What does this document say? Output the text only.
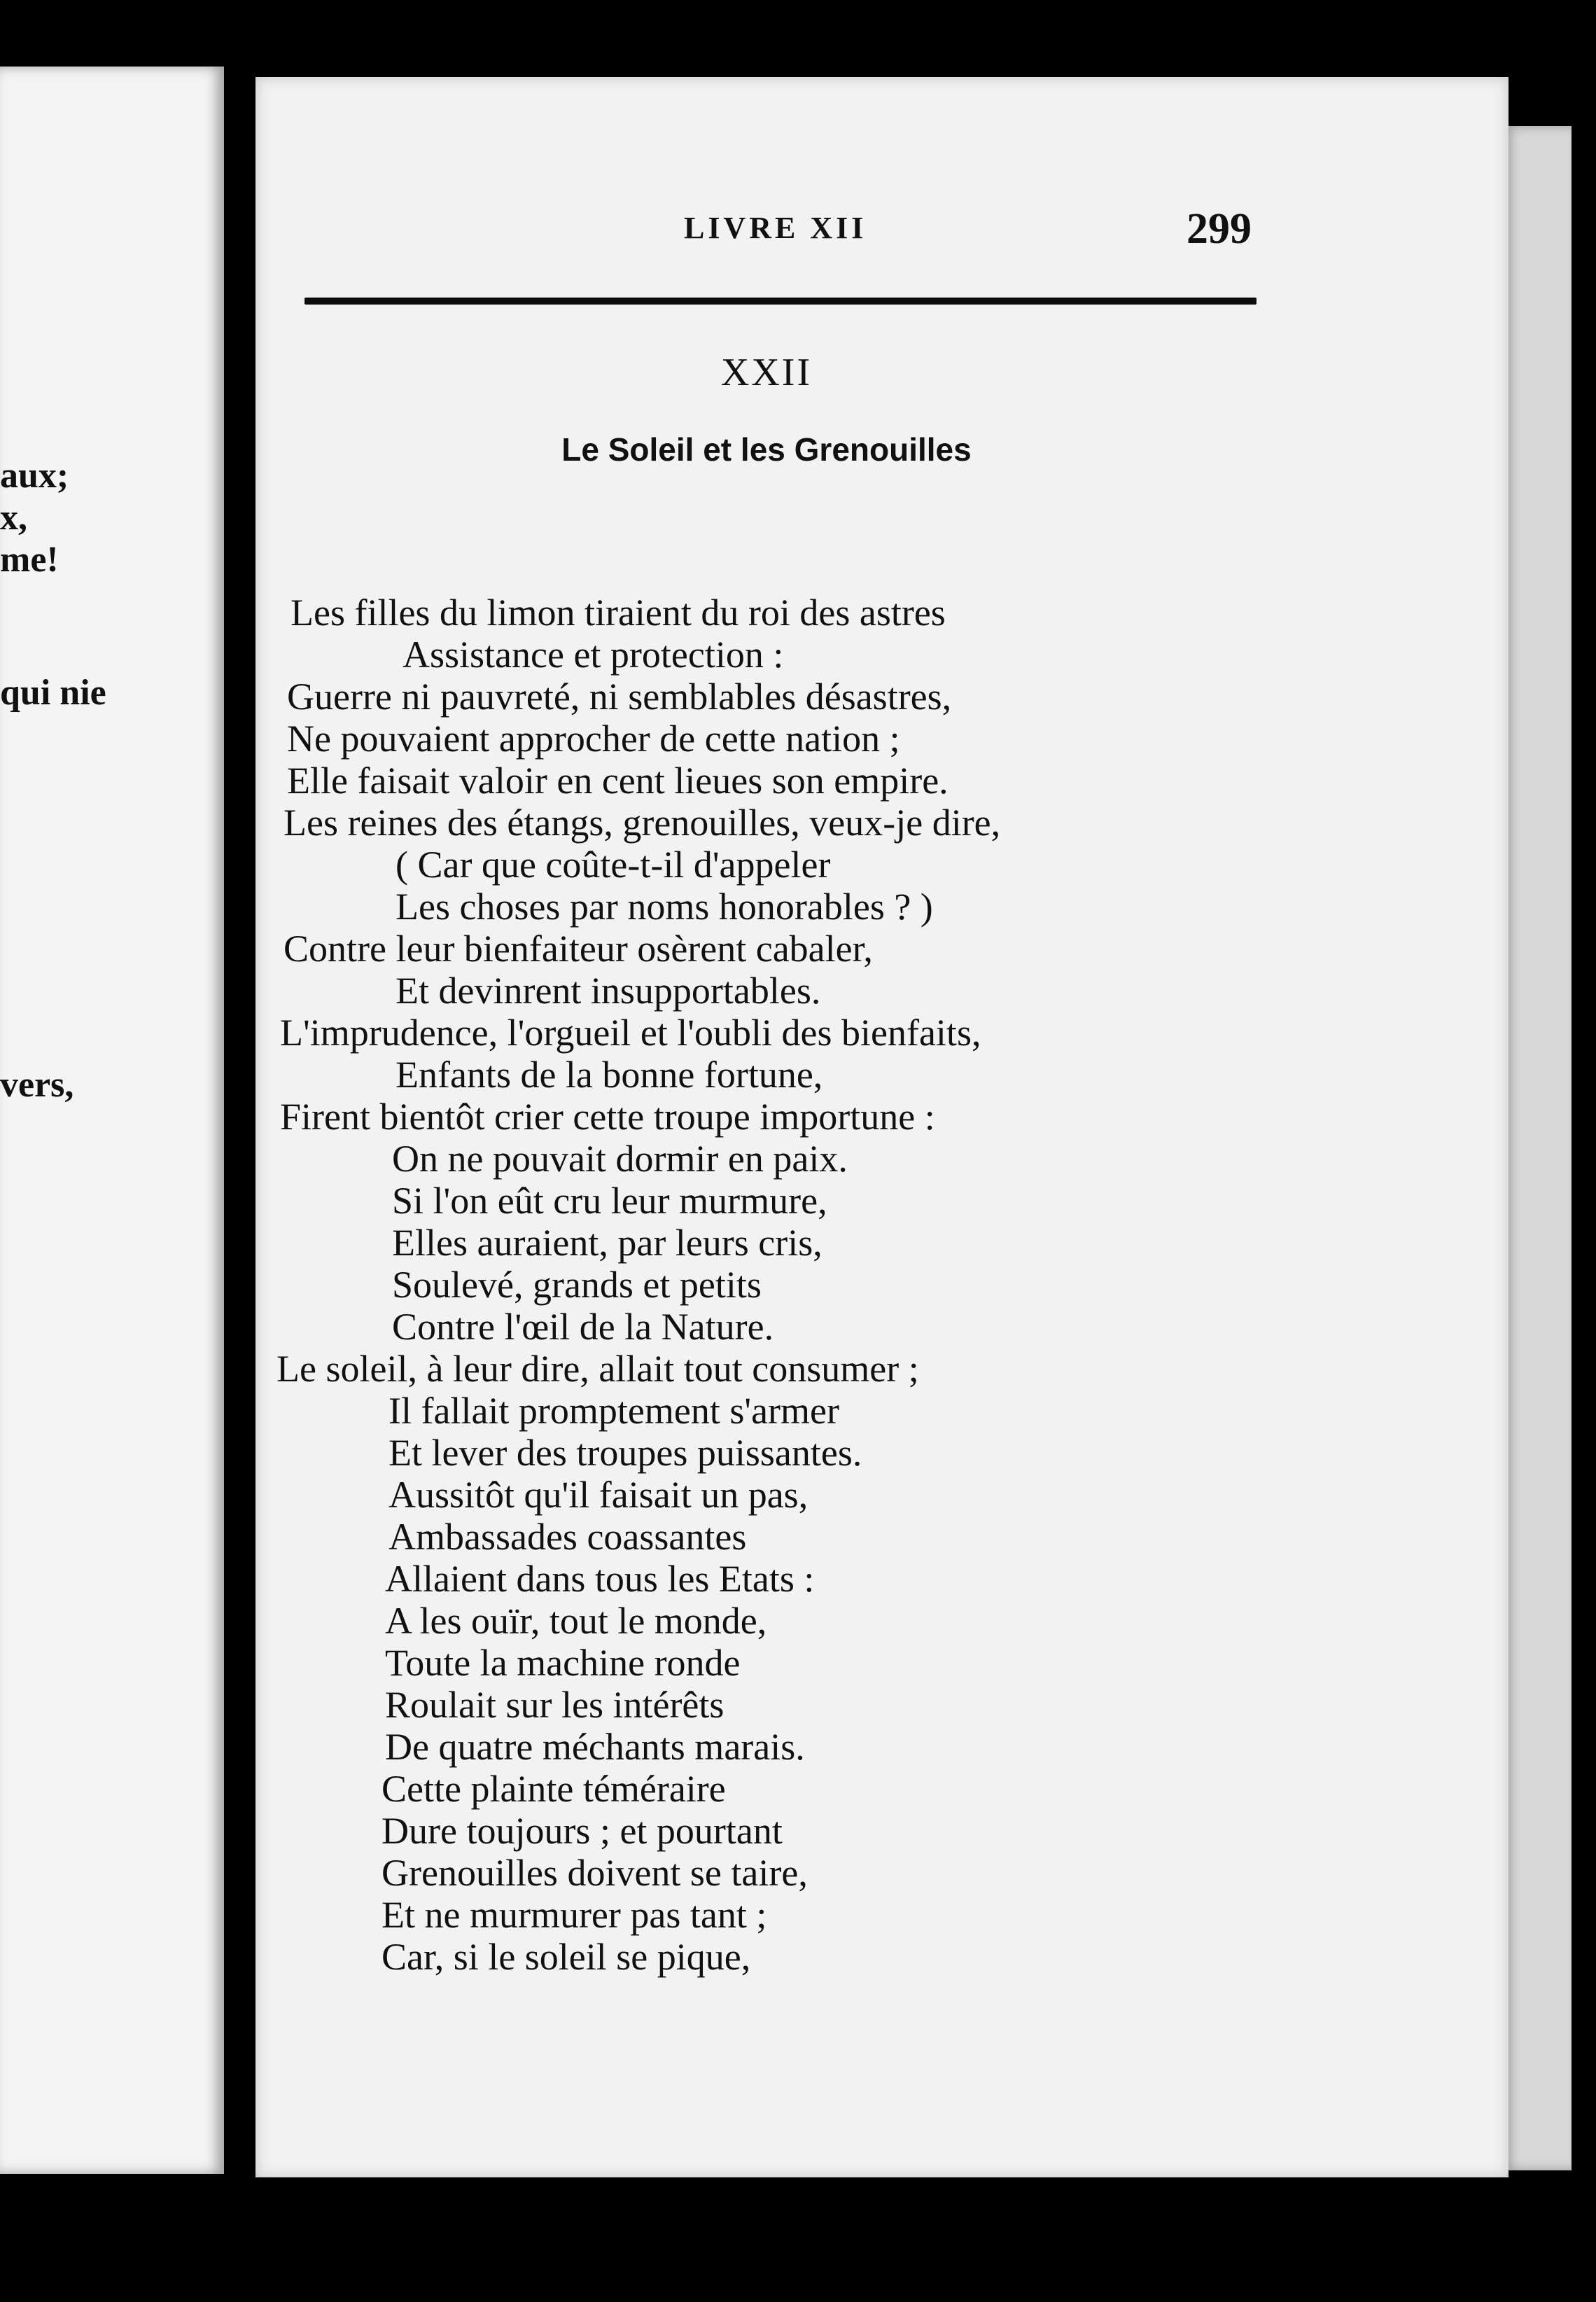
aux;
x,
me!
qui nie
vers,
LIVRE XII	299
XXII
Le Soleil et les Grenouilles
Les filles du limon tiraient du roi des astres
Assistance et protection :
Guerre ni pauvreté, ni semblables désastres,
Ne pouvaient approcher de cette nation ;
Elle faisait valoir en cent lieues son empire.
Les reines des étangs, grenouilles, veux-je dire,
( Car que coûte-t-il d'appeler
Les choses par noms honorables ? )
Contre leur bienfaiteur osèrent cabaler,
Et devinrent insupportables.
L'imprudence, l'orgueil et l'oubli des bienfaits,
Enfants de la bonne fortune,
Firent bientôt crier cette troupe importune :
On ne pouvait dormir en paix.
Si l'on eût cru leur murmure,
Elles auraient, par leurs cris,
Soulevé, grands et petits
Contre l'œil de la Nature.
Le soleil, à leur dire, allait tout consumer ;
Il fallait promptement s'armer
Et lever des troupes puissantes.
Aussitôt qu'il faisait un pas,
Ambassades coassantes
Allaient dans tous les Etats :
A les ouïr, tout le monde,
Toute la machine ronde
Roulait sur les intérêts
De quatre méchants marais.
Cette plainte téméraire
Dure toujours ; et pourtant
Grenouilles doivent se taire,
Et ne murmurer pas tant ;
Car, si le soleil se pique,
